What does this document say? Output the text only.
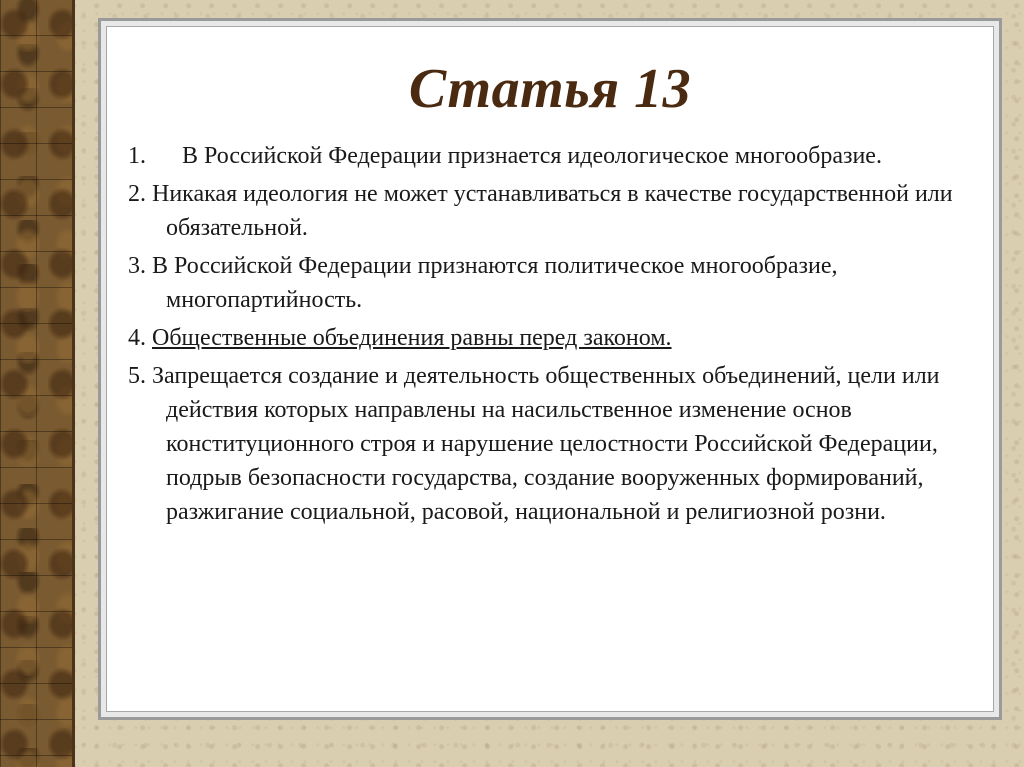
Статья 13
1. В Российской Федерации признается идеологическое многообразие.
2. Никакая идеология не может устанавливаться в качестве государственной или обязательной.
3. В Российской Федерации признаются политическое многообразие, многопартийность.
4. Общественные объединения равны перед законом.
5. Запрещается создание и деятельность общественных объединений, цели или действия которых направлены на насильственное изменение основ конституционного строя и нарушение целостности Российской Федерации, подрыв безопасности государства, создание вооруженных формирований, разжигание социальной, расовой, национальной и религиозной розни.
